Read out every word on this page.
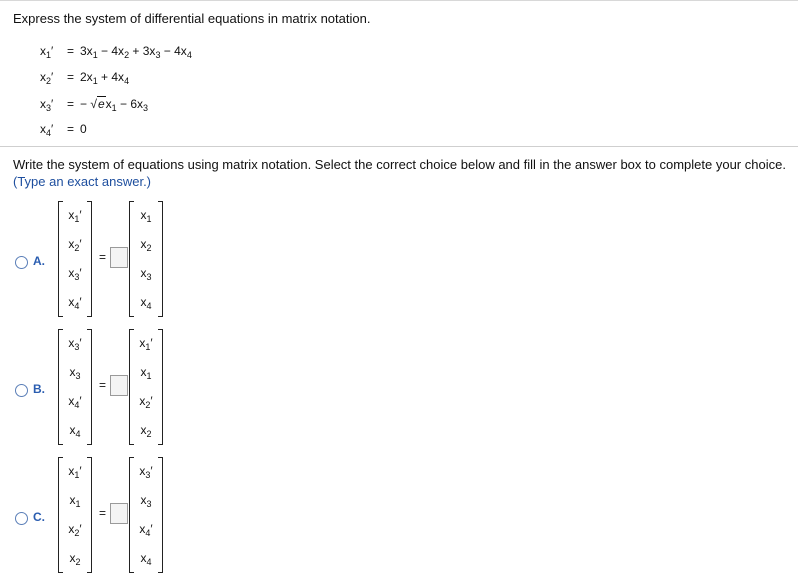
Express the system of differential equations in matrix notation.
$x_1' = 3x_1 - 4x_2 + 3x_3 - 4x_4$
$x_2' = 2x_1 + 4x_4$
$x_3'$ = − $√ex_1 - 6x_3$
$x_4' = 0$
Write the system of equations using matrix notation. Select the correct choice below and fill in the answer box to complete your choice.
(Type an exact answer.)
A.
$x_1'$
$x_2'$
$x_3'$
$x_4'$
=
$x_1$
$x_2$
$x_3$
$x_4$
B.
$x_3'$
$x_3$
$x_4'$
$x_4$
=
$x_1'$
$x_1$
$x_2'$
$x_2$
C.
$x_1'$
$x_1$
$x_2'$
$x_2$
=
$x_3'$
$x_3$
$x_4'$
$x_4$
